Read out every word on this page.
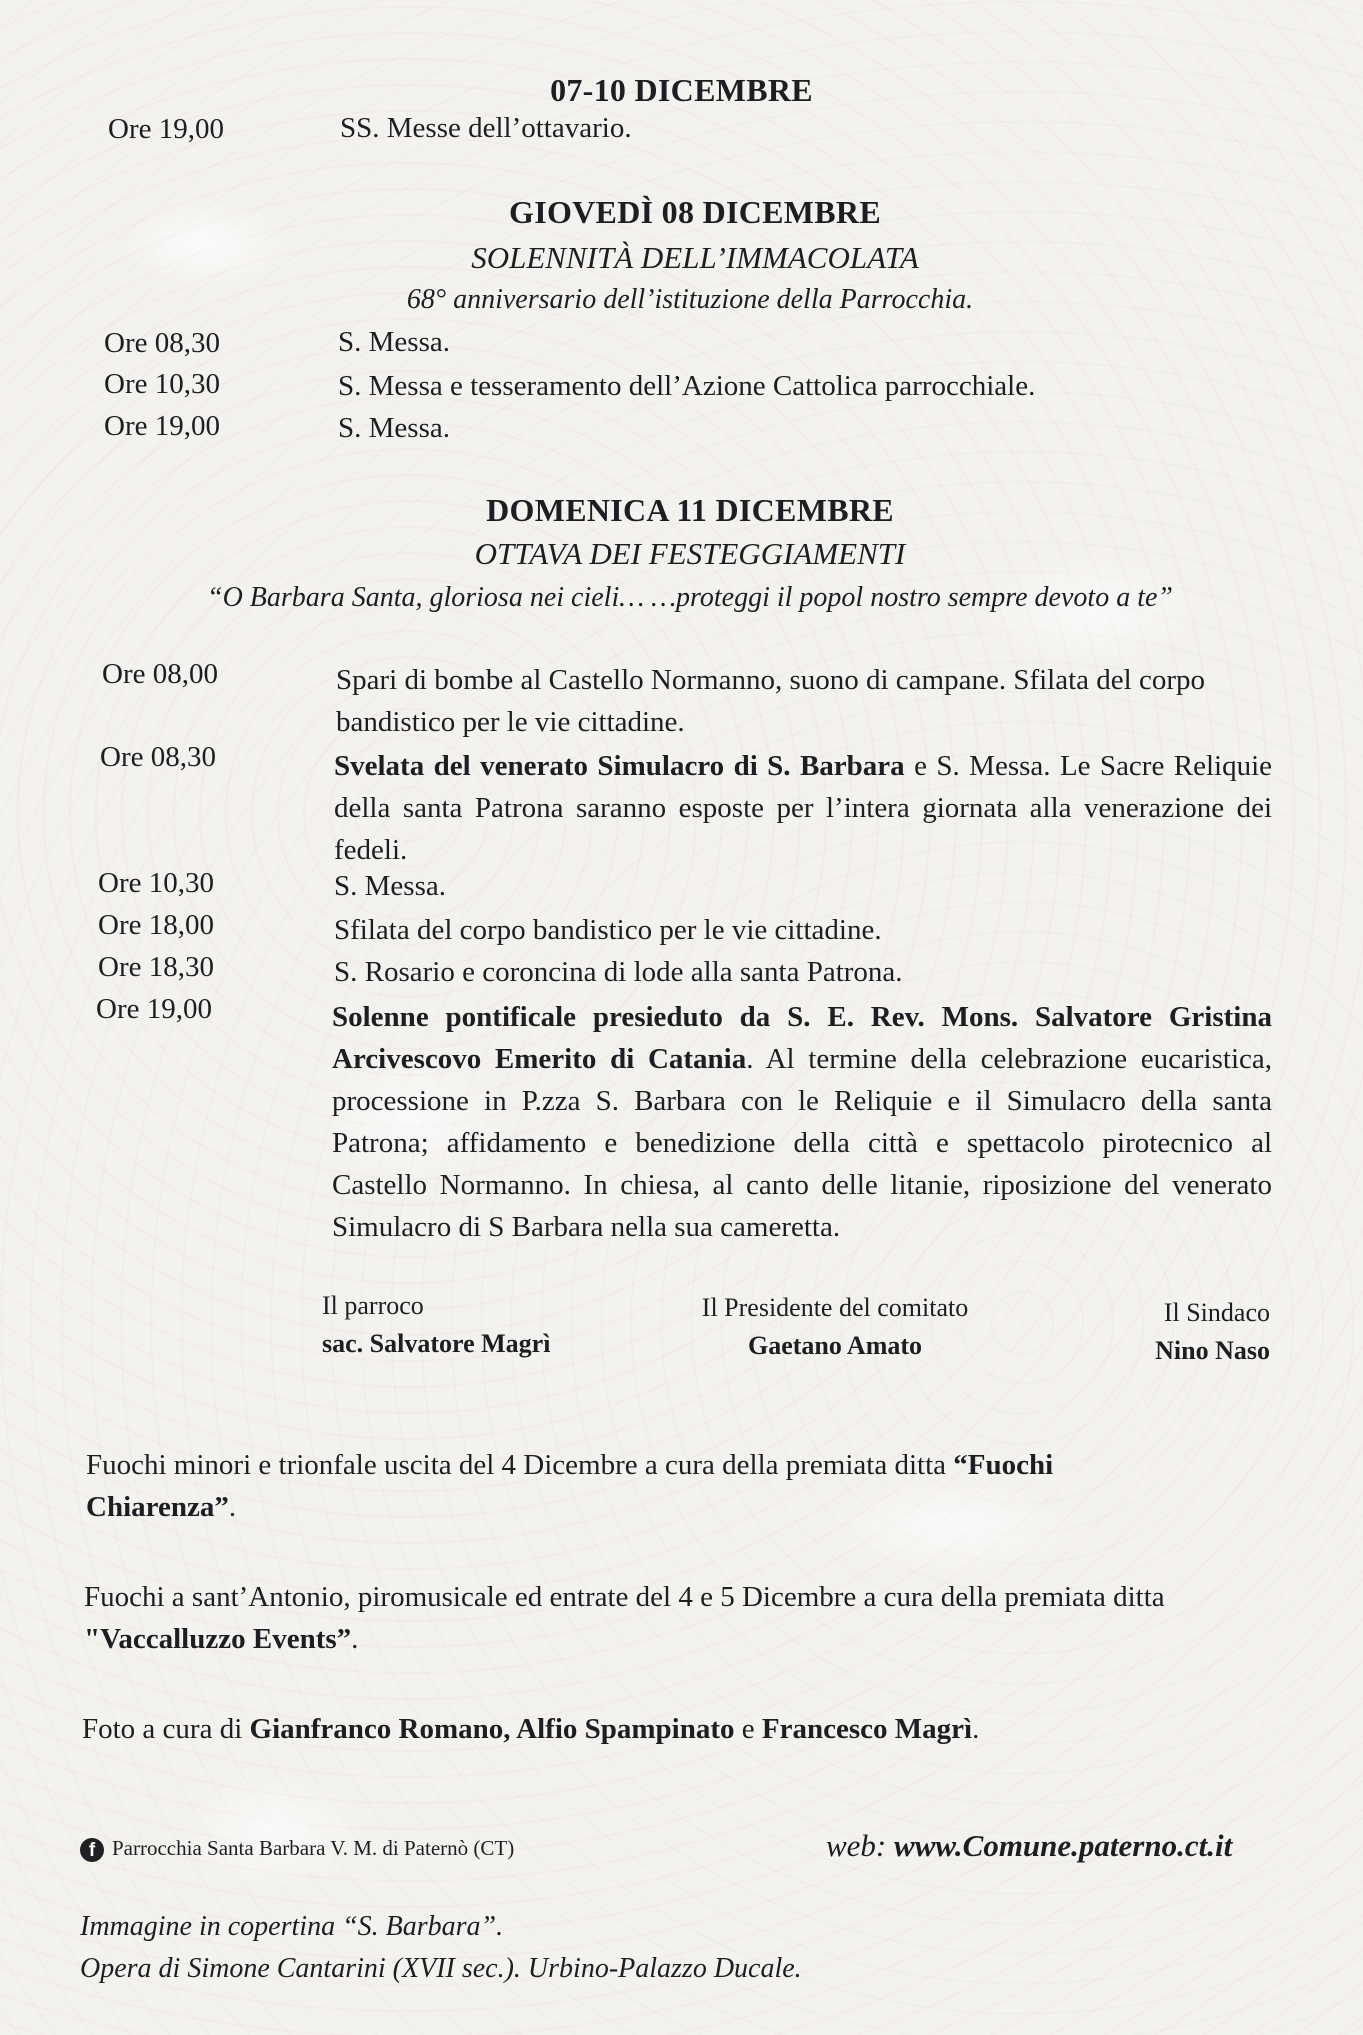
07-10 DICEMBRE
Ore 19,00	SS. Messe dell’ottavario.
GIOVEDÌ 08 DICEMBRE
SOLENNITÀ DELL’IMMACOLATA
68° anniversario dell’istituzione della Parrocchia.
Ore 08,30	S. Messa.
Ore 10,30	S. Messa e tesseramento dell’Azione Cattolica parrocchiale.
Ore 19,00	S. Messa.
DOMENICA 11 DICEMBRE
OTTAVA DEI FESTEGGIAMENTI
“O Barbara Santa, gloriosa nei cieli… …proteggi il popol nostro sempre devoto a te”
Ore 08,00	Spari di bombe al Castello Normanno, suono di campane. Sfilata del corpo bandistico per le vie cittadine.
Ore 08,30	Svelata del venerato Simulacro di S. Barbara e S. Messa. Le Sacre Reliquie della santa Patrona saranno esposte per l’intera giornata alla venerazione dei fedeli.
Ore 10,30	S. Messa.
Ore 18,00	Sfilata del corpo bandistico per le vie cittadine.
Ore 18,30	S. Rosario e coroncina di lode alla santa Patrona.
Ore 19,00	Solenne pontificale presieduto da S. E. Rev. Mons. Salvatore Gristina Arcivescovo Emerito di Catania. Al termine della celebrazione eucaristica, processione in P.zza S. Barbara con le Reliquie e il Simulacro della santa Patrona; affidamento e benedizione della città e spettacolo pirotecnico al Castello Normanno. In chiesa, al canto delle litanie, riposizione del venerato Simulacro di S Barbara nella sua cameretta.
Il parroco
sac. Salvatore Magrì
Il Presidente del comitato
Gaetano Amato
Il Sindaco
Nino Naso
Fuochi minori e trionfale uscita del 4 Dicembre a cura della premiata ditta “Fuochi Chiarenza”.
Fuochi a sant’Antonio, piromusicale ed entrate del 4 e 5 Dicembre a cura della premiata ditta "Vaccalluzzo Events”.
Foto a cura di Gianfranco Romano, Alfio Spampinato e Francesco Magrì.
f Parrocchia Santa Barbara V. M. di Paternò (CT)	web: www.Comune.paterno.ct.it
Immagine in copertina “S. Barbara”.
Opera di Simone Cantarini (XVII sec.). Urbino-Palazzo Ducale.
